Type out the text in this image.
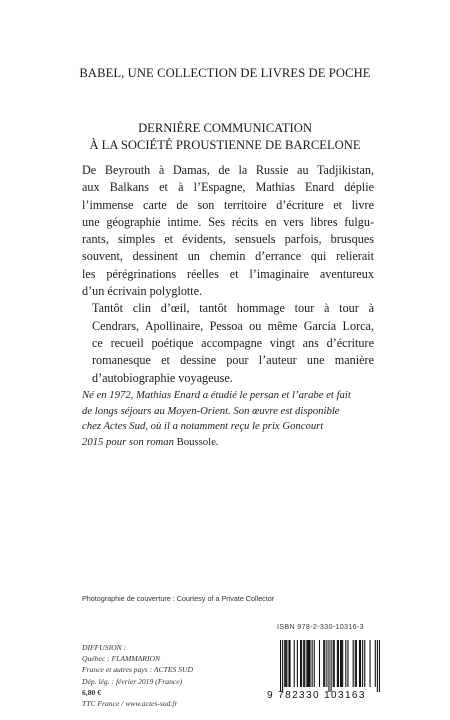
BABEL, UNE COLLECTION DE LIVRES DE POCHE
DERNIÈRE COMMUNICATION
À LA SOCIÉTÉ PROUSTIENNE DE BARCELONE

De Beyrouth à Damas, de la Russie au Tadjikistan,
aux Balkans et à l’Espagne, Mathias Enard déplie
l’immense carte de son territoire d’écriture et livre
une géographie intime. Ses récits en vers libres fulgu-
rants, simples et évidents, sensuels parfois, brusques
souvent, dessinent un chemin d’errance qui relierait
les pérégrinations réelles et l’imaginaire aventureux
d’un écrivain polyglotte.

Tantôt clin d’œil, tantôt hommage tour à tour à
Cendrars, Apollinaire, Pessoa ou même García Lorca,
ce recueil poétique accompagne vingt ans d’écriture
romanesque et dessine pour l’auteur une manière
d’autobiographie voyageuse.

Né en 1972, Mathias Enard a étudié le persan et l’arabe et fait
de longs séjours au Moyen-Orient. Son œuvre est disponible
chez Actes Sud, où il a notamment reçu le prix Goncourt
2015 pour son roman Boussole.
Photographie de couverture : Courtesy of a Private Collector
ISBN 978-2-330-10316-3
DIFFUSION :
Québec : FLAMMARION
France et autres pays : ACTES SUD
Dép. lég. : février 2019 (France)
6,80 €
TTC France / www.actes-sud.fr
9 782330 103163
